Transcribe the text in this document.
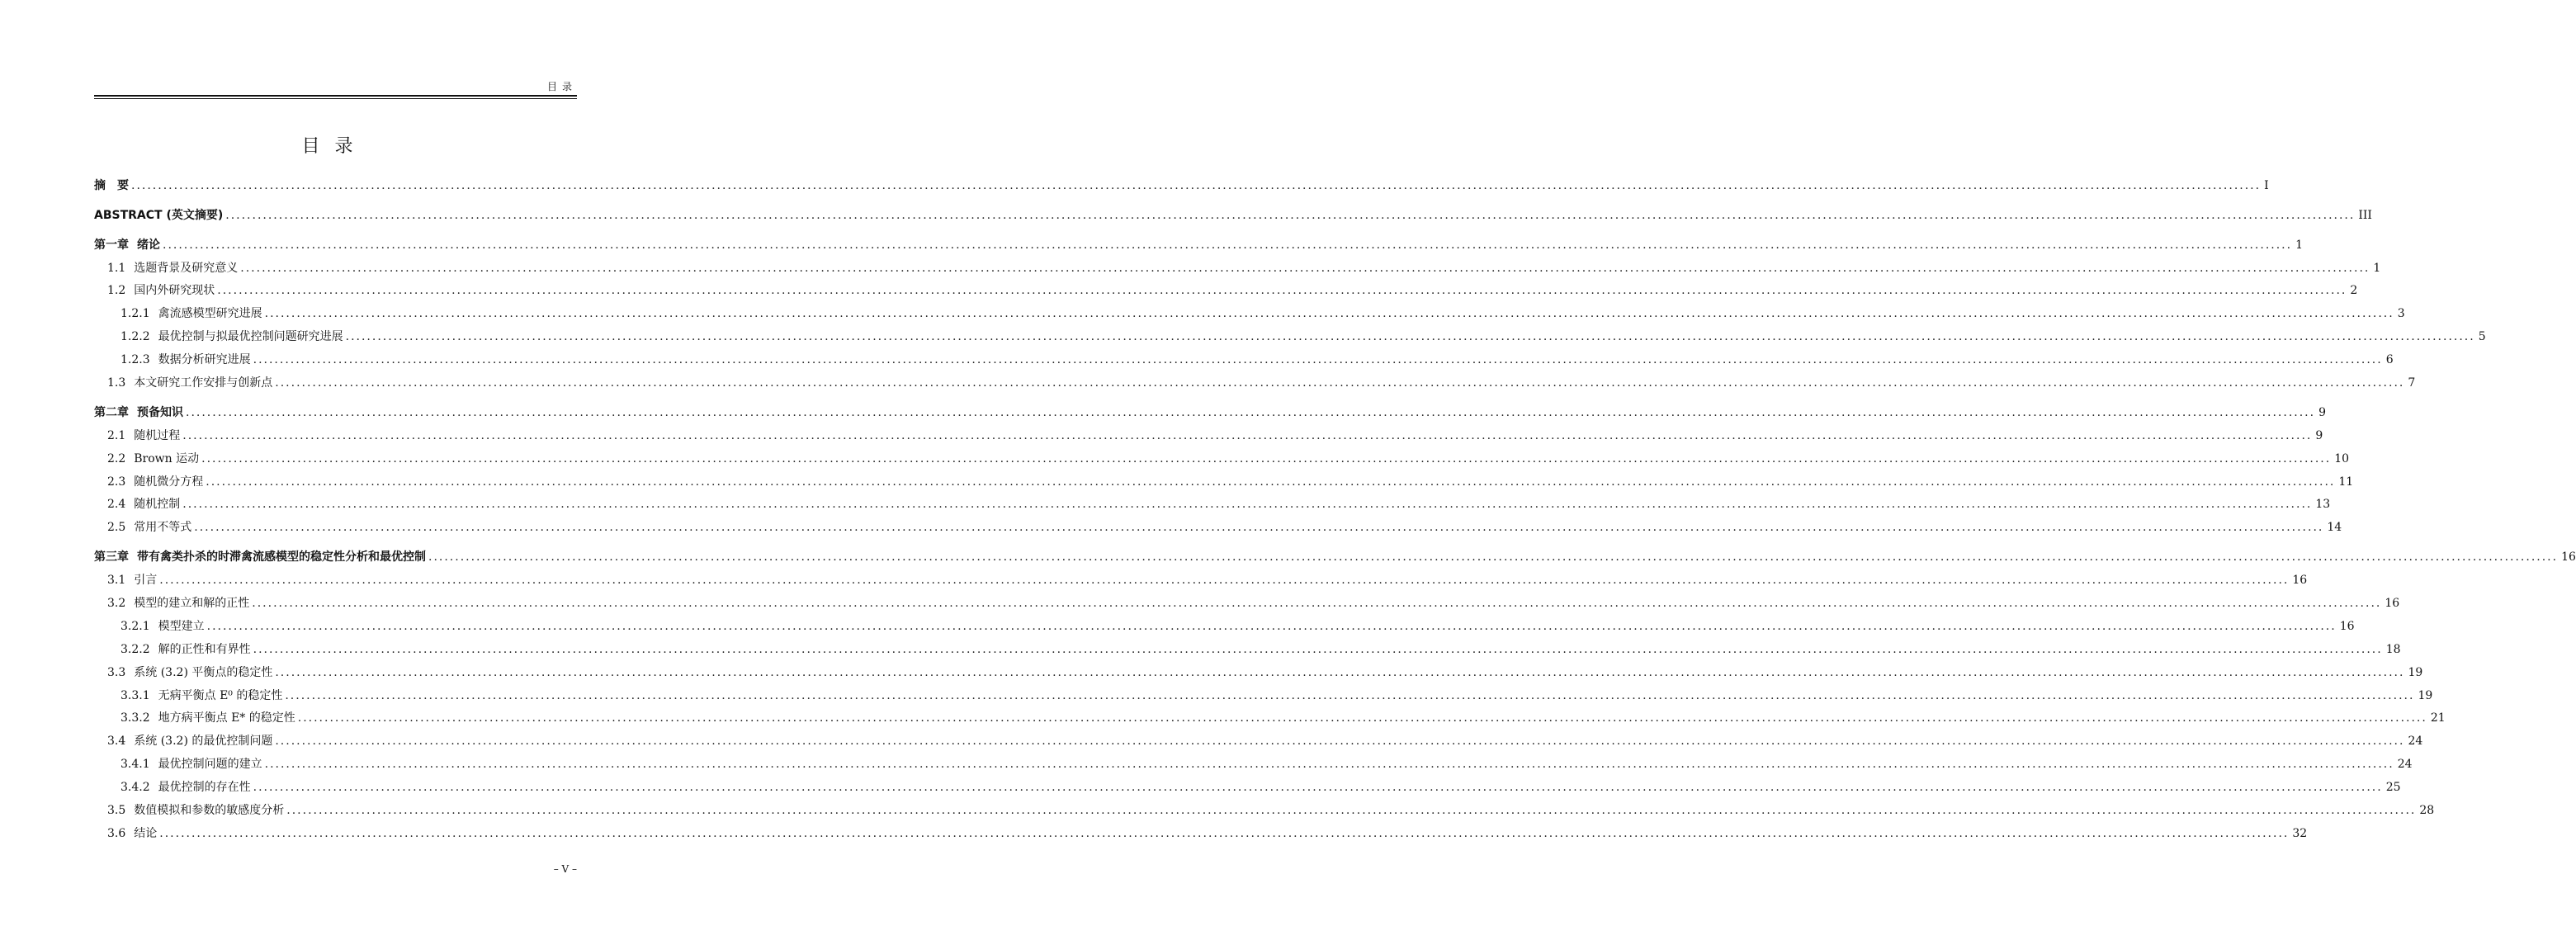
目录
目录
摘　要 ................................................................................................................................................................................................................................................................................................................................................................................................................ I
ABSTRACT (英文摘要) ................................................................................................................................................................................................................................................................................................................................................................................................................ III
第一章 绪论 ................................................................................................................................................................................................................................................................................................................................................................................................................ 1
1.1 选题背景及研究意义 ................................................................................................................................................................................................................................................................................................................................................................................................................ 1
1.2 国内外研究现状 ................................................................................................................................................................................................................................................................................................................................................................................................................ 2
1.2.1 禽流感模型研究进展 ................................................................................................................................................................................................................................................................................................................................................................................................................ 3
1.2.2 最优控制与拟最优控制问题研究进展 ................................................................................................................................................................................................................................................................................................................................................................................................................ 5
1.2.3 数据分析研究进展 ................................................................................................................................................................................................................................................................................................................................................................................................................ 6
1.3 本文研究工作安排与创新点 ................................................................................................................................................................................................................................................................................................................................................................................................................ 7
第二章 预备知识 ................................................................................................................................................................................................................................................................................................................................................................................................................ 9
2.1 随机过程 ................................................................................................................................................................................................................................................................................................................................................................................................................ 9
2.2 Brown 运动 ................................................................................................................................................................................................................................................................................................................................................................................................................ 10
2.3 随机微分方程 ................................................................................................................................................................................................................................................................................................................................................................................................................ 11
2.4 随机控制 ................................................................................................................................................................................................................................................................................................................................................................................................................ 13
2.5 常用不等式 ................................................................................................................................................................................................................................................................................................................................................................................................................ 14
第三章 带有禽类扑杀的时滞禽流感模型的稳定性分析和最优控制 ................................................................................................................................................................................................................................................................................................................................................................................................................ 16
3.1 引言 ................................................................................................................................................................................................................................................................................................................................................................................................................ 16
3.2 模型的建立和解的正性 ................................................................................................................................................................................................................................................................................................................................................................................................................ 16
3.2.1 模型建立 ................................................................................................................................................................................................................................................................................................................................................................................................................ 16
3.2.2 解的正性和有界性 ................................................................................................................................................................................................................................................................................................................................................................................................................ 18
3.3 系统 (3.2) 平衡点的稳定性 ................................................................................................................................................................................................................................................................................................................................................................................................................ 19
3.3.1 无病平衡点 E⁰ 的稳定性 ................................................................................................................................................................................................................................................................................................................................................................................................................ 19
3.3.2 地方病平衡点 E* 的稳定性 ................................................................................................................................................................................................................................................................................................................................................................................................................ 21
3.4 系统 (3.2) 的最优控制问题 ................................................................................................................................................................................................................................................................................................................................................................................................................ 24
3.4.1 最优控制问题的建立 ................................................................................................................................................................................................................................................................................................................................................................................................................ 24
3.4.2 最优控制的存在性 ................................................................................................................................................................................................................................................................................................................................................................................................................ 25
3.5 数值模拟和参数的敏感度分析 ................................................................................................................................................................................................................................................................................................................................................................................................................ 28
3.6 结论 ................................................................................................................................................................................................................................................................................................................................................................................................................ 32
– V –
